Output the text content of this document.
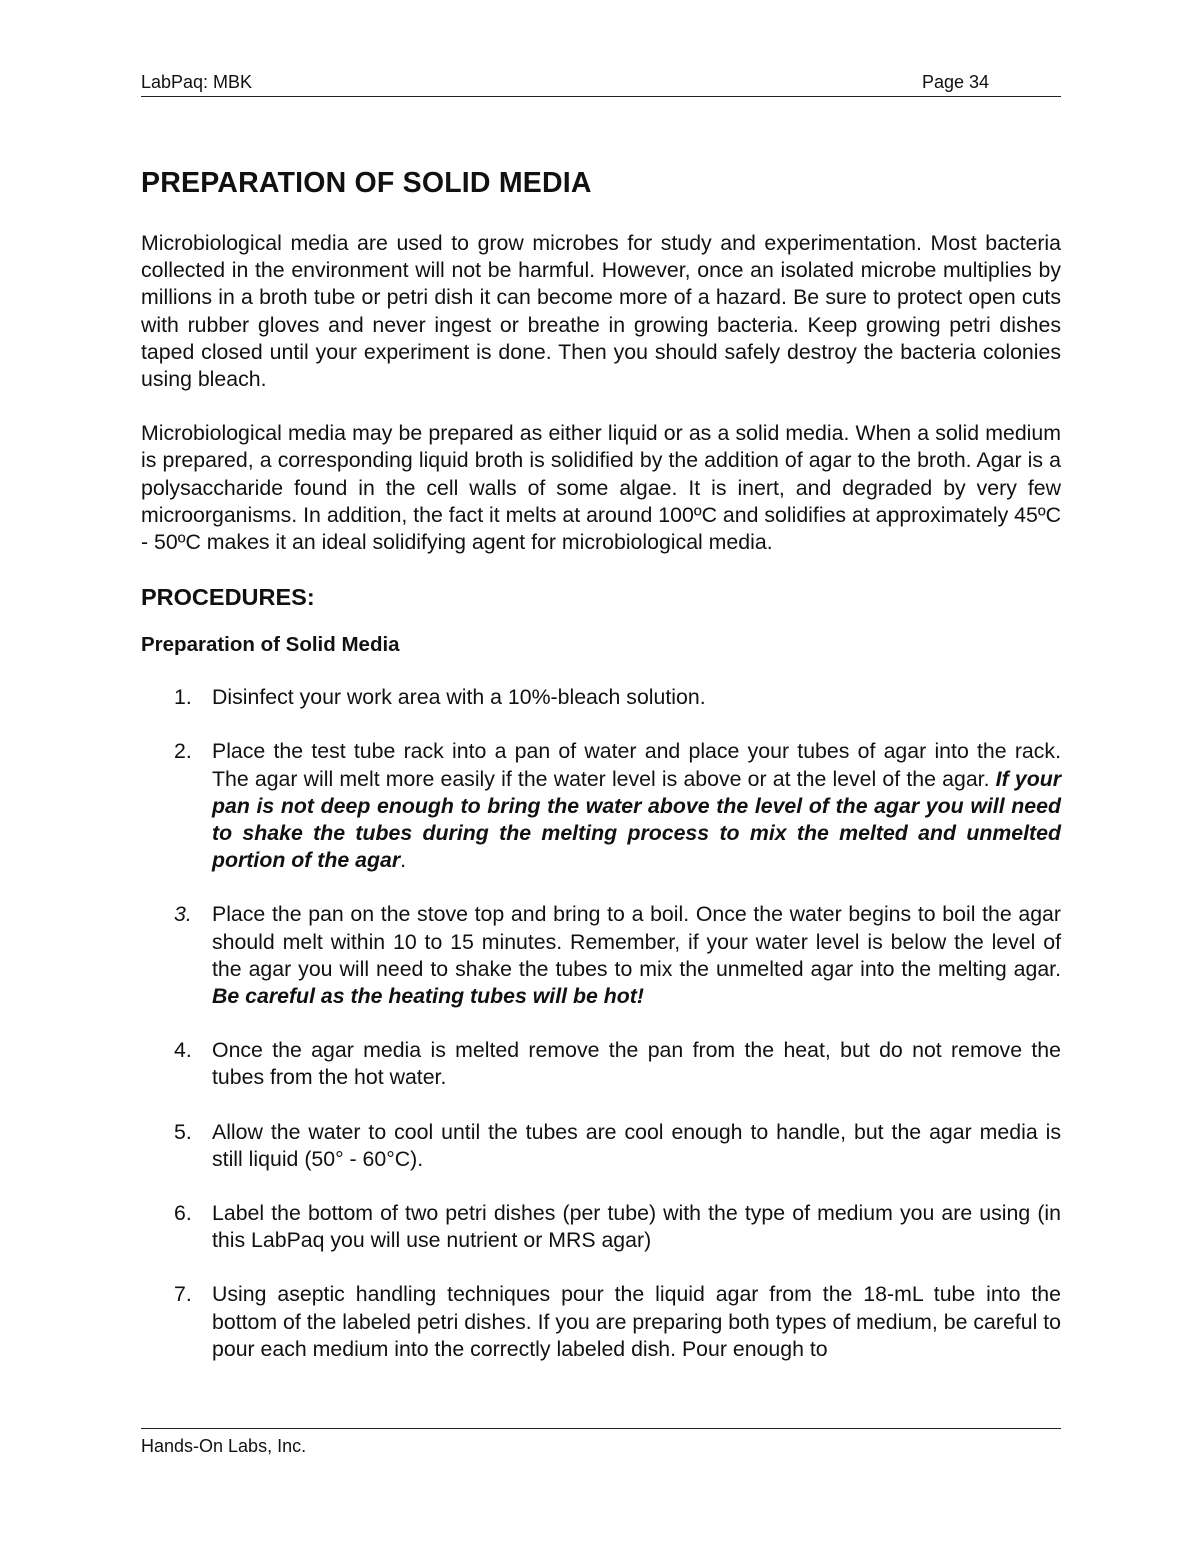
LabPaq: MBK	Page 34
PREPARATION OF SOLID MEDIA

Microbiological media are used to grow microbes for study and experimentation. Most bacteria collected in the environment will not be harmful. However, once an isolated microbe multiplies by millions in a broth tube or petri dish it can become more of a hazard. Be sure to protect open cuts with rubber gloves and never ingest or breathe in growing bacteria. Keep growing petri dishes taped closed until your experiment is done. Then you should safely destroy the bacteria colonies using bleach.

Microbiological media may be prepared as either liquid or as a solid media. When a solid medium is prepared, a corresponding liquid broth is solidified by the addition of agar to the broth. Agar is a polysaccharide found in the cell walls of some algae. It is inert, and degraded by very few microorganisms. In addition, the fact it melts at around 100ºC and solidifies at approximately 45ºC - 50ºC makes it an ideal solidifying agent for microbiological media.

PROCEDURES:
Preparation of Solid Media
1. Disinfect your work area with a 10%-bleach solution.
2. Place the test tube rack into a pan of water and place your tubes of agar into the rack. The agar will melt more easily if the water level is above or at the level of the agar. If your pan is not deep enough to bring the water above the level of the agar you will need to shake the tubes during the melting process to mix the melted and unmelted portion of the agar.
3. Place the pan on the stove top and bring to a boil. Once the water begins to boil the agar should melt within 10 to 15 minutes. Remember, if your water level is below the level of the agar you will need to shake the tubes to mix the unmelted agar into the melting agar. Be careful as the heating tubes will be hot!
4. Once the agar media is melted remove the pan from the heat, but do not remove the tubes from the hot water.
5. Allow the water to cool until the tubes are cool enough to handle, but the agar media is still liquid (50° - 60°C).
6. Label the bottom of two petri dishes (per tube) with the type of medium you are using (in this LabPaq you will use nutrient or MRS agar)
7. Using aseptic handling techniques pour the liquid agar from the 18-mL tube into the bottom of the labeled petri dishes. If you are preparing both types of medium, be careful to pour each medium into the correctly labeled dish. Pour enough to
Hands-On Labs, Inc.
